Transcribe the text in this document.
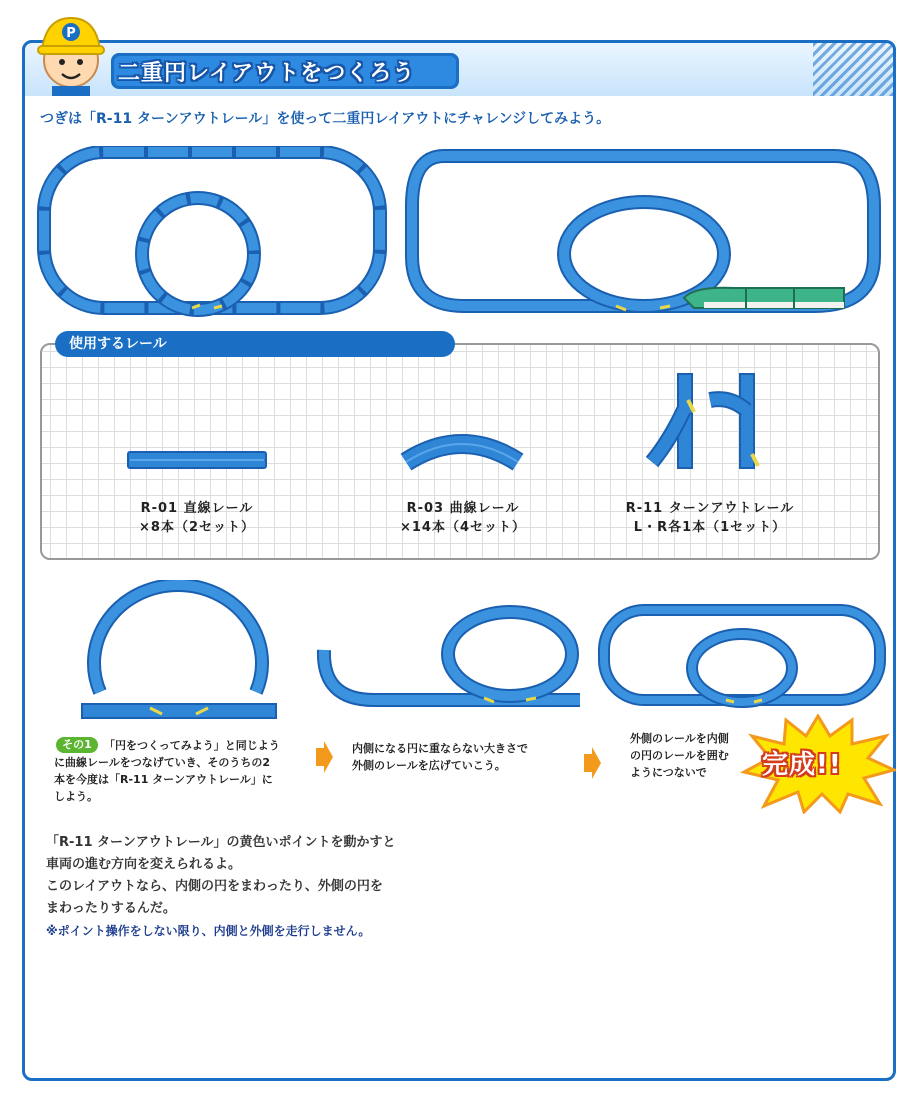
P
二重円レイアウトをつくろう
つぎは「R-11 ターンアウトレール」を使って二重円レイアウトにチャレンジしてみよう。
使用するレール
R-01 直線レール
×8本（2セット）
R-03 曲線レール
×14本（4セット）
R-11 ターンアウトレール
L・R各1本（1セット）
その1	「円をつくってみよう」と同じよう
に曲線レールをつなげていき、そのうちの2
本を今度は「R-11 ターンアウトレール」に
しよう。
内側になる円に重ならない大きさで
外側のレールを広げていこう。
外側のレールを内側
の円のレールを囲む
ようにつないで	完成!!
「R-11 ターンアウトレール」の黄色いポイントを動かすと
車両の進む方向を変えられるよ。
このレイアウトなら、内側の円をまわったり、外側の円を
まわったりするんだ。
※ポイント操作をしない限り、内側と外側を走行しません。
